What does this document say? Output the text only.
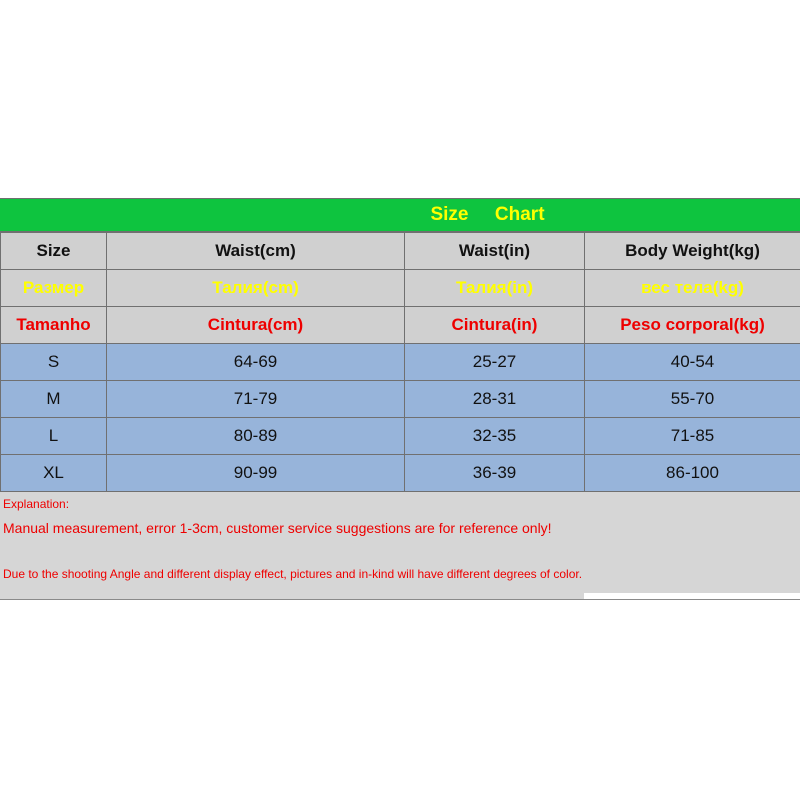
Size Chart
Size	Waist(cm)	Waist(in)	Body Weight(kg)
Размер	Талия(cm)	Талия(in)	вес тела(kg)
Tamanho	Cintura(cm)	Cintura(in)	Peso corporal(kg)
S	64-69	25-27	40-54
M	71-79	28-31	55-70
L	80-89	32-35	71-85
XL	90-99	36-39	86-100
Explanation:
Manual measurement, error 1-3cm, customer service suggestions are for reference only!
Due to the shooting Angle and different display effect, pictures and in-kind will have different degrees of color.
